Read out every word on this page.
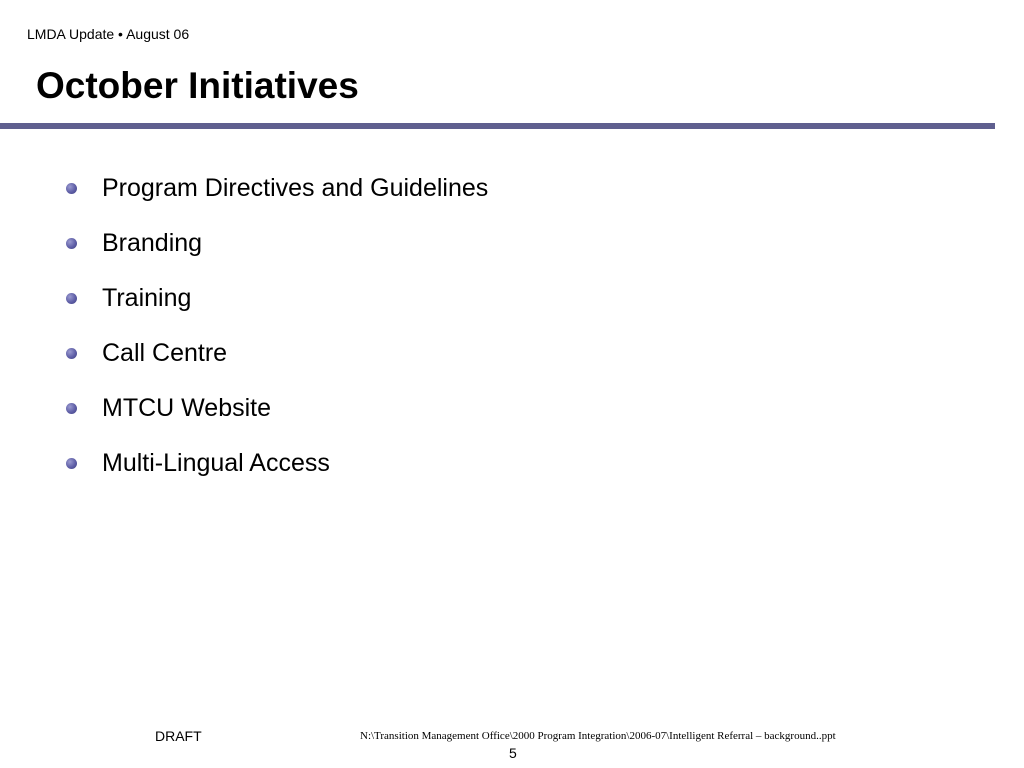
LMDA Update • August 06
October Initiatives
Program Directives and Guidelines
Branding
Training
Call Centre
MTCU Website
Multi-Lingual Access
DRAFT	N:\Transition Management Office\2000 Program Integration\2006-07\Intelligent Referral – background..ppt
5
